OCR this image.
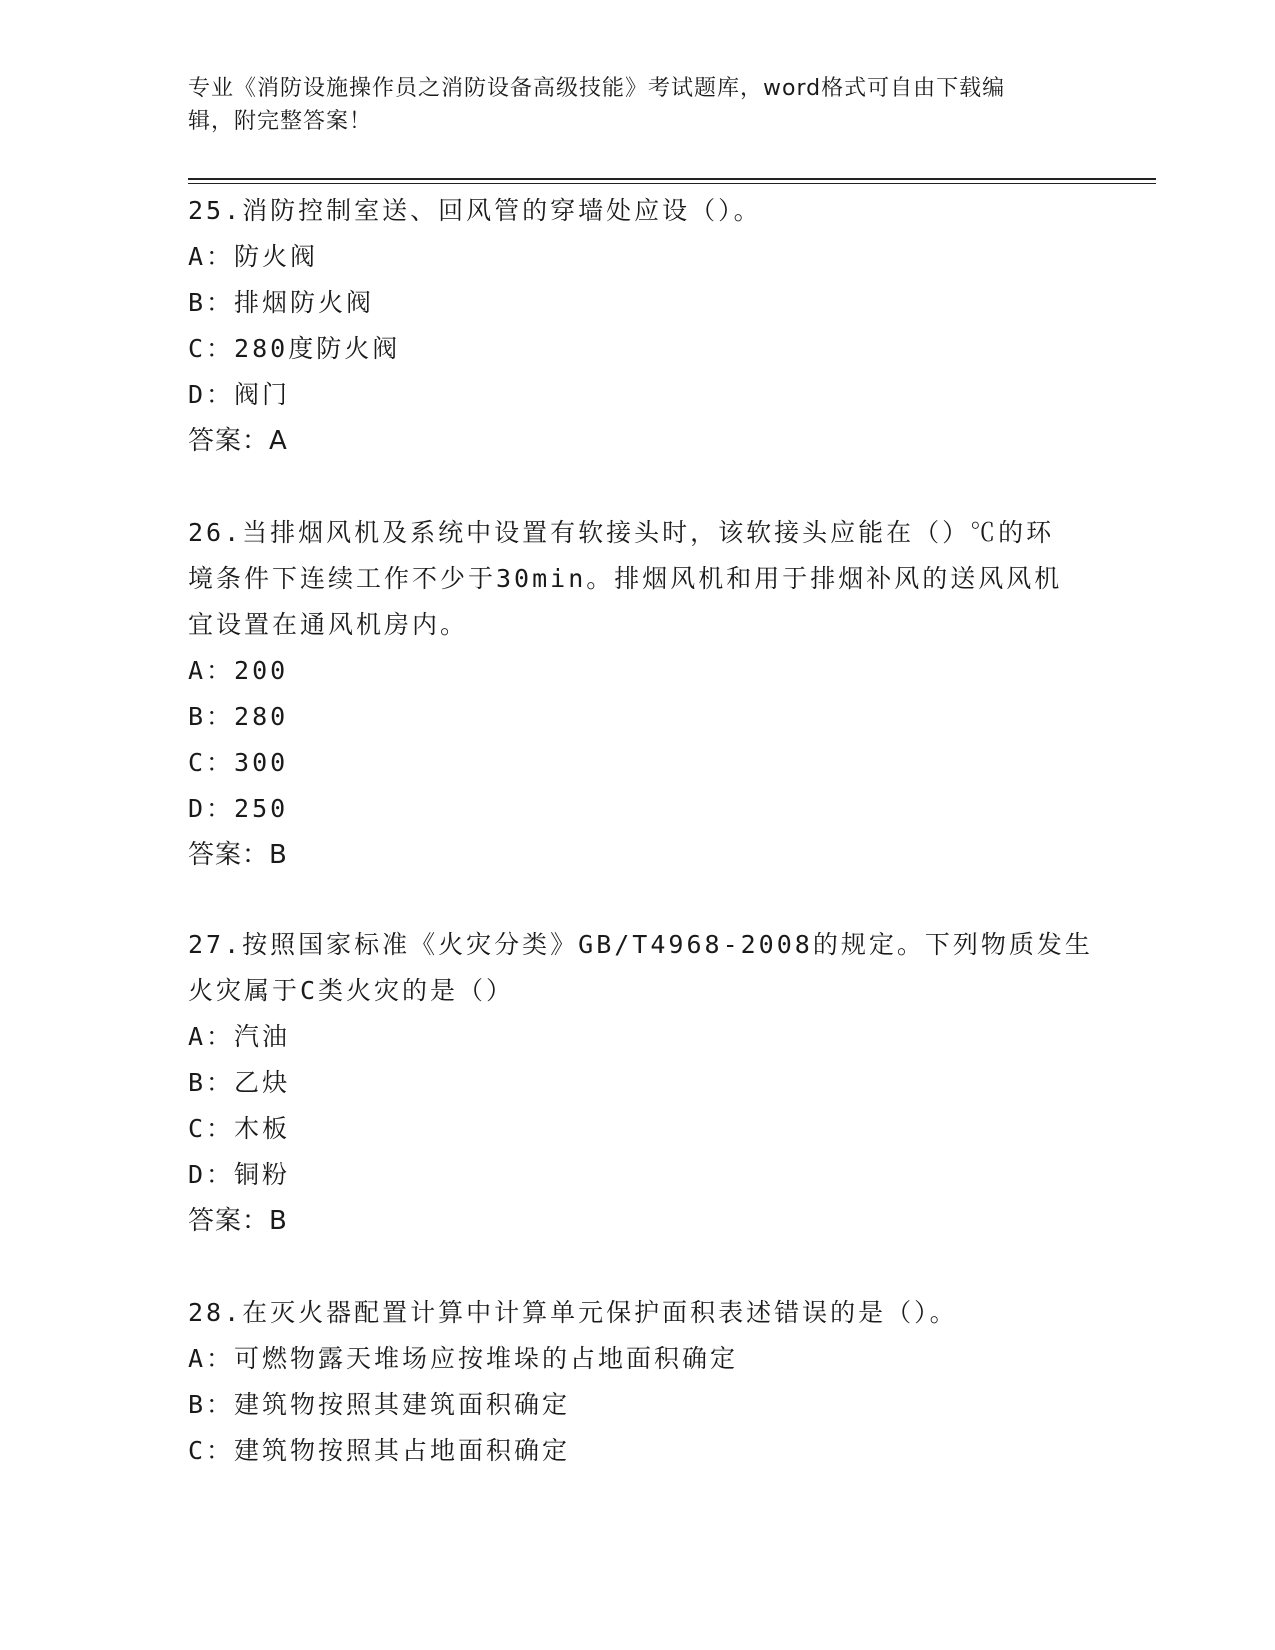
专业《消防设施操作员之消防设备高级技能》考试题库，word格式可自由下载编
辑，附完整答案！
25.消防控制室送、回风管的穿墙处应设（）。
A：防火阀
B：排烟防火阀
C：280度防火阀
D：阀门
答案：A
26.当排烟风机及系统中设置有软接头时，该软接头应能在（）℃的环
境条件下连续工作不少于30min。排烟风机和用于排烟补风的送风风机
宜设置在通风机房内。
A：200
B：280
C：300
D：250
答案：B
27.按照国家标准《火灾分类》GB/T4968-2008的规定。下列物质发生
火灾属于C类火灾的是（）
A：汽油
B：乙炔
C：木板
D：铜粉
答案：B
28.在灭火器配置计算中计算单元保护面积表述错误的是（）。
A：可燃物露天堆场应按堆垛的占地面积确定
B：建筑物按照其建筑面积确定
C：建筑物按照其占地面积确定
